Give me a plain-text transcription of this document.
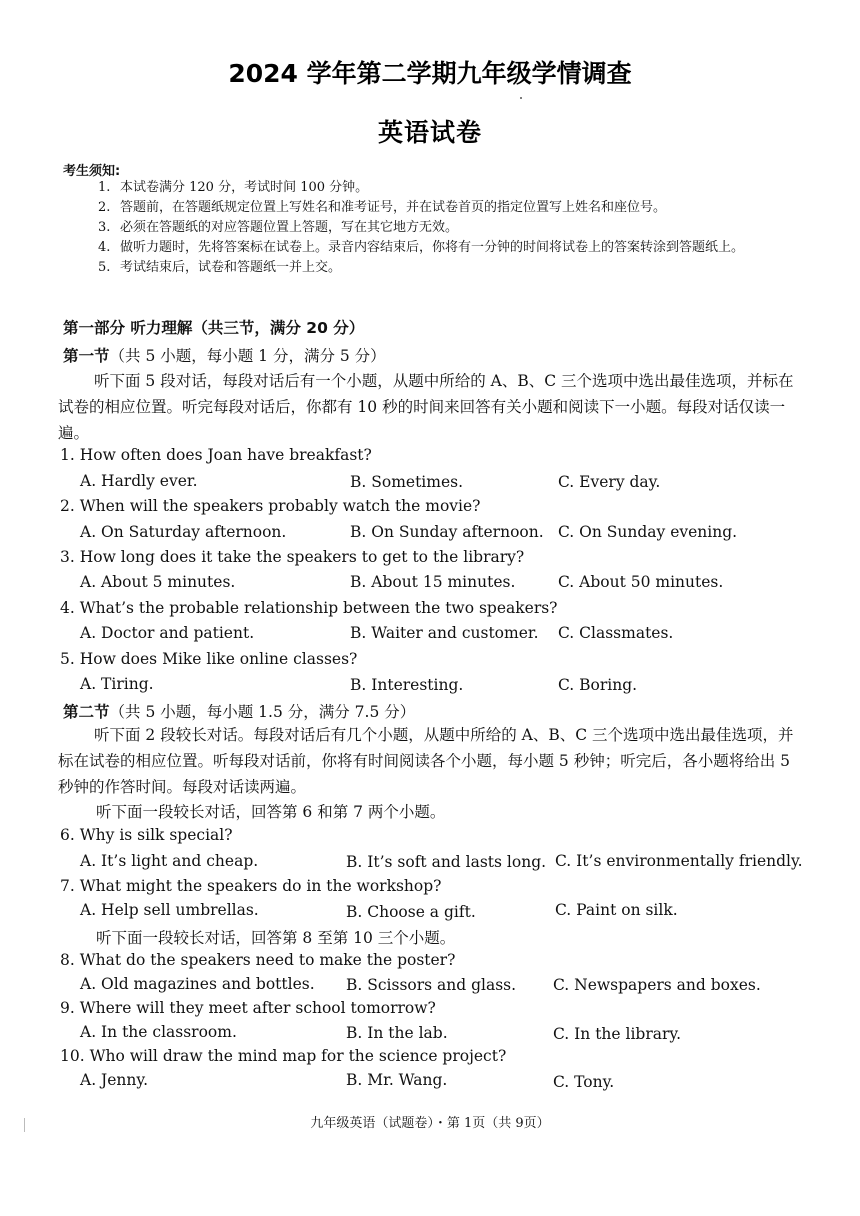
2024 学年第二学期九年级学情调查
英语试卷
考生须知:
1. 本试卷满分 120 分，考试时间 100 分钟。
2. 答题前，在答题纸规定位置上写姓名和准考证号，并在试卷首页的指定位置写上姓名和座位号。
3. 必须在答题纸的对应答题位置上答题，写在其它地方无效。
4. 做听力题时，先将答案标在试卷上。录音内容结束后，你将有一分钟的时间将试卷上的答案转涂到答题纸上。
5. 考试结束后，试卷和答题纸一并上交。
第一部分 听力理解（共三节，满分 20 分）
第一节（共 5 小题，每小题 1 分，满分 5 分）
听下面 5 段对话，每段对话后有一个小题，从题中所给的 A、B、C 三个选项中选出最佳选项，并标在试卷的相应位置。听完每段对话后，你都有 10 秒的时间来回答有关小题和阅读下一小题。每段对话仅读一遍。
1. How often does Joan have breakfast?
A. Hardly ever.	B. Sometimes.	C. Every day.
2. When will the speakers probably watch the movie?
A. On Saturday afternoon.	B. On Sunday afternoon. C. On Sunday evening.
3. How long does it take the speakers to get to the library?
A. About 5 minutes.	B. About 15 minutes.	C. About 50 minutes.
4. What’s the probable relationship between the two speakers?
A. Doctor and patient.	B. Waiter and customer. C. Classmates.
5. How does Mike like online classes?
A. Tiring.	B. Interesting.	C. Boring.
第二节（共 5 小题，每小题 1.5 分，满分 7.5 分）
听下面 2 段较长对话。每段对话后有几个小题，从题中所给的 A、B、C 三个选项中选出最佳选项，并标在试卷的相应位置。听每段对话前，你将有时间阅读各个小题，每小题 5 秒钟；听完后，各小题将给出 5 秒钟的作答时间。每段对话读两遍。
听下面一段较长对话，回答第 6 和第 7 两个小题。
6. Why is silk special?
A. It’s light and cheap.	B. It’s soft and lasts long. C. It’s environmentally friendly.
7. What might the speakers do in the workshop?
A. Help sell umbrellas.	B. Choose a gift.	C. Paint on silk.
听下面一段较长对话，回答第 8 至第 10 三个小题。
8. What do the speakers need to make the poster?
A. Old magazines and bottles. B. Scissors and glass. C. Newspapers and boxes.
9. Where will they meet after school tomorrow?
A. In the classroom.	B. In the lab.	C. In the library.
10. Who will draw the mind map for the science project?
A. Jenny.	B. Mr. Wang.	C. Tony.
九年级英语（试题卷）・第 1页（共 9页）
